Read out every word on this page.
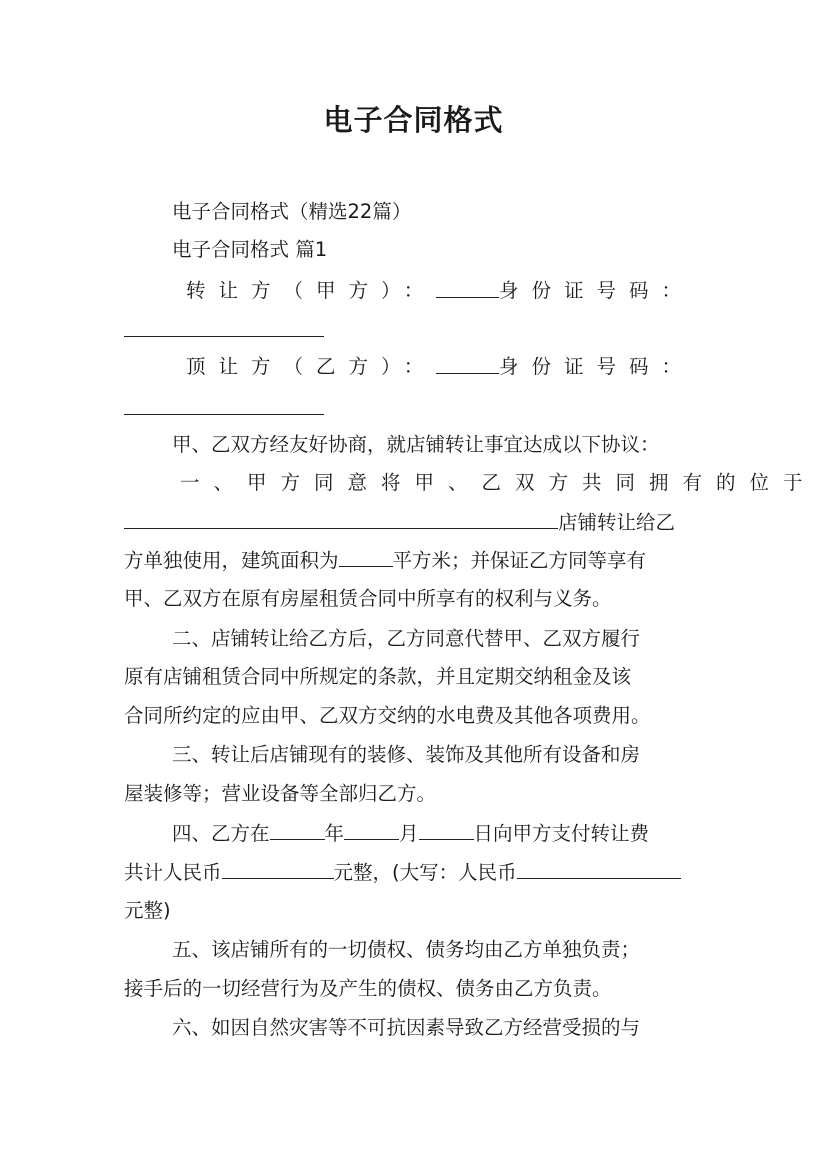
电子合同格式
电子合同格式（精选22篇）
电子合同格式 篇1
转让方（甲方）：	身份证号码：
顶让方（乙方）：	身份证号码：
甲、乙双方经友好协商，就店铺转让事宜达成以下协议：
一、甲方同意将甲、乙双方共同拥有的位于
店铺转让给乙
方单独使用，建筑面积为	平方米；并保证乙方同等享有
甲、乙双方在原有房屋租赁合同中所享有的权利与义务。
二、店铺转让给乙方后，乙方同意代替甲、乙双方履行
原有店铺租赁合同中所规定的条款，并且定期交纳租金及该
合同所约定的应由甲、乙双方交纳的水电费及其他各项费用。
三、转让后店铺现有的装修、装饰及其他所有设备和房
屋装修等；营业设备等全部归乙方。
四、乙方在	年	月	日向甲方支付转让费
共计人民币	元整，(大写：人民币
元整)
五、该店铺所有的一切债权、债务均由乙方单独负责；
接手后的一切经营行为及产生的债权、债务由乙方负责。
六、如因自然灾害等不可抗因素导致乙方经营受损的与
